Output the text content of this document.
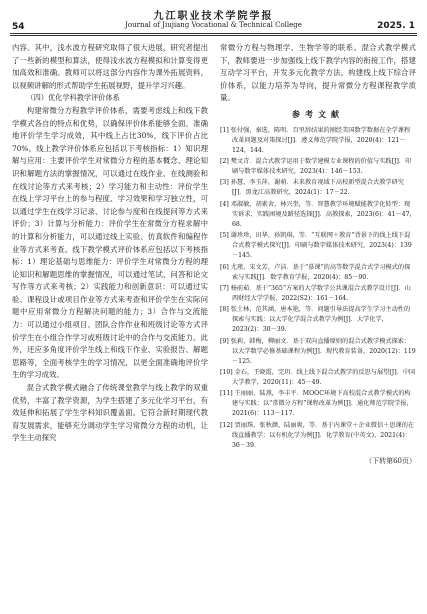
54
九江职业技术学院学报
Journal of Jiujiang Vocational & Technical College	2025. 1

内容。其中，浅水波方程研究取得了很大进展，研究者提出了一些新的模型和算法，使得浅水波方程模拟和计算变得更加高效和准确。教师可以将这部分内容作为课外拓展资料，以视频讲解的形式帮助学生拓展视野，提升学习兴趣。

（四）优化学科教学评价体系

构建常微分方程教学评价体系，需要考虑线上和线下教学模式各自的特点和优势，以确保评价体系能够全面、准确地评价学生学习成效，其中线上占比30%，线下评价占比70%。线上教学评价体系应包括以下考核指标：1）知识理解与应用：主要评价学生对常微分方程的基本概念、理论知识和解题方法的掌握情况，可以通过在线作业、在线测验和在线讨论等方式来考核；2）学习能力和主动性：评价学生在线上学习平台上的参与程度、学习效果和学习独立性，可以通过学生在线学习记录、讨论参与度和在线提问等方式来评价；3）计算与分析能力：评价学生在常微分方程求解中的计算和分析能力，可以通过线上实验、仿真软件和编程作业等方式来考查。线下教学模式评价体系应包括以下考核指标：1）理论基础与思维能力：评价学生对常微分方程的理论知识和解题思维的掌握情况，可以通过笔试、问答和论文写作等方式来考核；2）实践能力和创新意识：可以通过实验、课程设计或项目作业等方式来考查和评价学生在实际问题中应用常微分方程解决问题的能力；3）合作与交流能力：可以通过小组项目、团队合作作业和班级讨论等方式评价学生在小组合作学习或班级讨论中的合作与交流能力。此外，还应多角度评价学生线上和线下作业、实验报告、解题思路等，全面考核学生的学习情况，以更全面准确地评价学生的学习成效。

混合式教学模式融合了传统课堂教学与线上教学的双重优势，丰富了教学资源，为学生搭建了多元化学习平台，有效延伸和拓展了学生学科知识覆盖面。它符合新时期现代教育发展需求，能够充分调动学生学习常微分方程的动机，让学生主动探究

常微分方程与物理学、生物学等的联系。混合式教学模式下，教师要进一步加强线上线下教学内容的衔接工作，搭建互动学习平台，开发多元化教学方法，构建线上线下综合评价体系，以能力培养为导向，提升常微分方程课程教学质量。

参考文献
[1] 张付强，秦选，陈明．百里辞结果的刚经美国数学数据在全学课程改革问题及对策探讨[J]．遵义师范学院学报，2020(4)：121－124，144.
[2] 樊文青．混合式教学运用于数学建模专业课程的价值与实践[J]．印刷与数字媒体技术研究，2023(4)：146－153.
[3] 孙慧，李玉萍，谢萌．未来教育视域下高校新型混合式教学研究[J]．黑龙江高教研究，2024(1)：17－22.
[4] 邓淑敏，胡素舍，林兴奎，等．智慧教学环境赋能教学化转型：现实诉求、实践困境及路径选择[J]．高教探索，2023(6)：41－47，68.
[5] 谢珍珍，田华，孙凯琪，等．“互联网＋教育”背景下的线上线下混合式教学模式探究[J]．印刷与数字媒体技术研究，2023(4)：139－145.
[6] 尤瑾，宋文芳，卢洁．基于“慕课”的高等数学混合式学习模式的探索与实践[J]．数学教育学报，2020(4)：85－90.
[7] 杨前茹．基于“365”方案的大学数学公共课混合式教学设计[J]．山西财经大学学报，2022(S2)：161－164.
[8] 张土林，范其涵，唐本艳，等．问题引导法提高学生学习主动性的探索与实践：以大学化学混合式教学为例[J]．大学化学，2023(2)：30－39.
[9] 张莉，韩梅，柳丽文．基于双向直播原则的混合式教学模式探索：以大学数学必修基础课程为例[J]．现代教育装备，2020(12)：119－125.
[10] 金石，王晓霞，完玥．线上线下混合式教学的反思与展望[J]．中国大学教学，2020(11)：45－49.
[11] 王丽丽，陆燕，李丰平．MOOC环境下高校混合式教学模式的构建与实践：以“常微分方程”课程改革为例[J]．通化师范学院学报，2021(6)：113－117.
[12] 贾丽珠，张秋颜，陆丽爽，等．基于内课堂＋企业微信＋思课的在线直播教学：以有机化学为例[J]．化学教育(中英文)，2021(4)：36－39.
（下转第60页）
